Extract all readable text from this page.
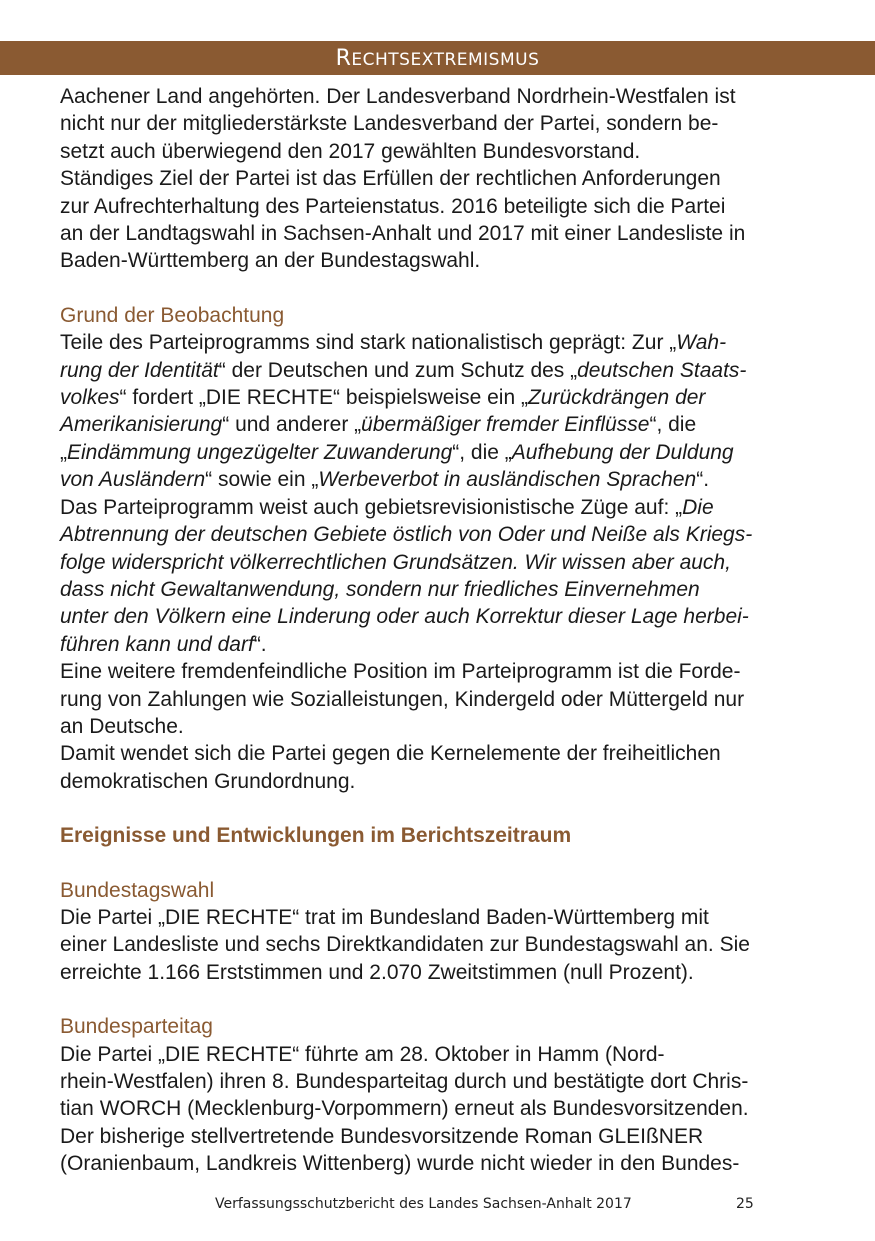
RECHTSEXTREMISMUS

Aachener Land angehörten. Der Landesverband Nordrhein-Westfalen ist
nicht nur der mitgliederstärkste Landesverband der Partei, sondern be-
setzt auch überwiegend den 2017 gewählten Bundesvorstand.

Ständiges Ziel der Partei ist das Erfüllen der rechtlichen Anforderungen
zur Aufrechterhaltung des Parteienstatus. 2016 beteiligte sich die Partei
an der Landtagswahl in Sachsen-Anhalt und 2017 mit einer Landesliste in
Baden-Württemberg an der Bundestagswahl.

Grund der Beobachtung

Teile des Parteiprogramms sind stark nationalistisch geprägt: Zur „Wah-
rung der Identität“ der Deutschen und zum Schutz des „deutschen Staats-
volkes“ fordert „DIE RECHTE“ beispielsweise ein „Zurückdrängen der
Amerikanisierung“ und anderer „übermäßiger fremder Einflüsse“, die
„Eindämmung ungezügelter Zuwanderung“, die „Aufhebung der Duldung
von Ausländern“ sowie ein „Werbeverbot in ausländischen Sprachen“.
Das Parteiprogramm weist auch gebietsrevisionistische Züge auf: „Die
Abtrennung der deutschen Gebiete östlich von Oder und Neiße als Kriegs-
folge widerspricht völkerrechtlichen Grundsätzen. Wir wissen aber auch,
dass nicht Gewaltanwendung, sondern nur friedliches Einvernehmen
unter den Völkern eine Linderung oder auch Korrektur dieser Lage herbei-
führen kann und darf“.
Eine weitere fremdenfeindliche Position im Parteiprogramm ist die Forde-
rung von Zahlungen wie Sozialleistungen, Kindergeld oder Müttergeld nur
an Deutsche.
Damit wendet sich die Partei gegen die Kernelemente der freiheitlichen
demokratischen Grundordnung.

Ereignisse und Entwicklungen im Berichtszeitraum

Bundestagswahl

Die Partei „DIE RECHTE“ trat im Bundesland Baden-Württemberg mit
einer Landesliste und sechs Direktkandidaten zur Bundestagswahl an. Sie
erreichte 1.166 Erststimmen und 2.070 Zweitstimmen (null Prozent).

Bundesparteitag

Die Partei „DIE RECHTE“ führte am 28. Oktober in Hamm (Nord-
rhein-Westfalen) ihren 8. Bundesparteitag durch und bestätigte dort Chris-
tian WORCH (Mecklenburg-Vorpommern) erneut als Bundesvorsitzenden.
Der bisherige stellvertretende Bundesvorsitzende Roman GLEIßNER
(Oranienbaum, Landkreis Wittenberg) wurde nicht wieder in den Bundes-

Verfassungsschutzbericht des Landes Sachsen-Anhalt 2017	25
